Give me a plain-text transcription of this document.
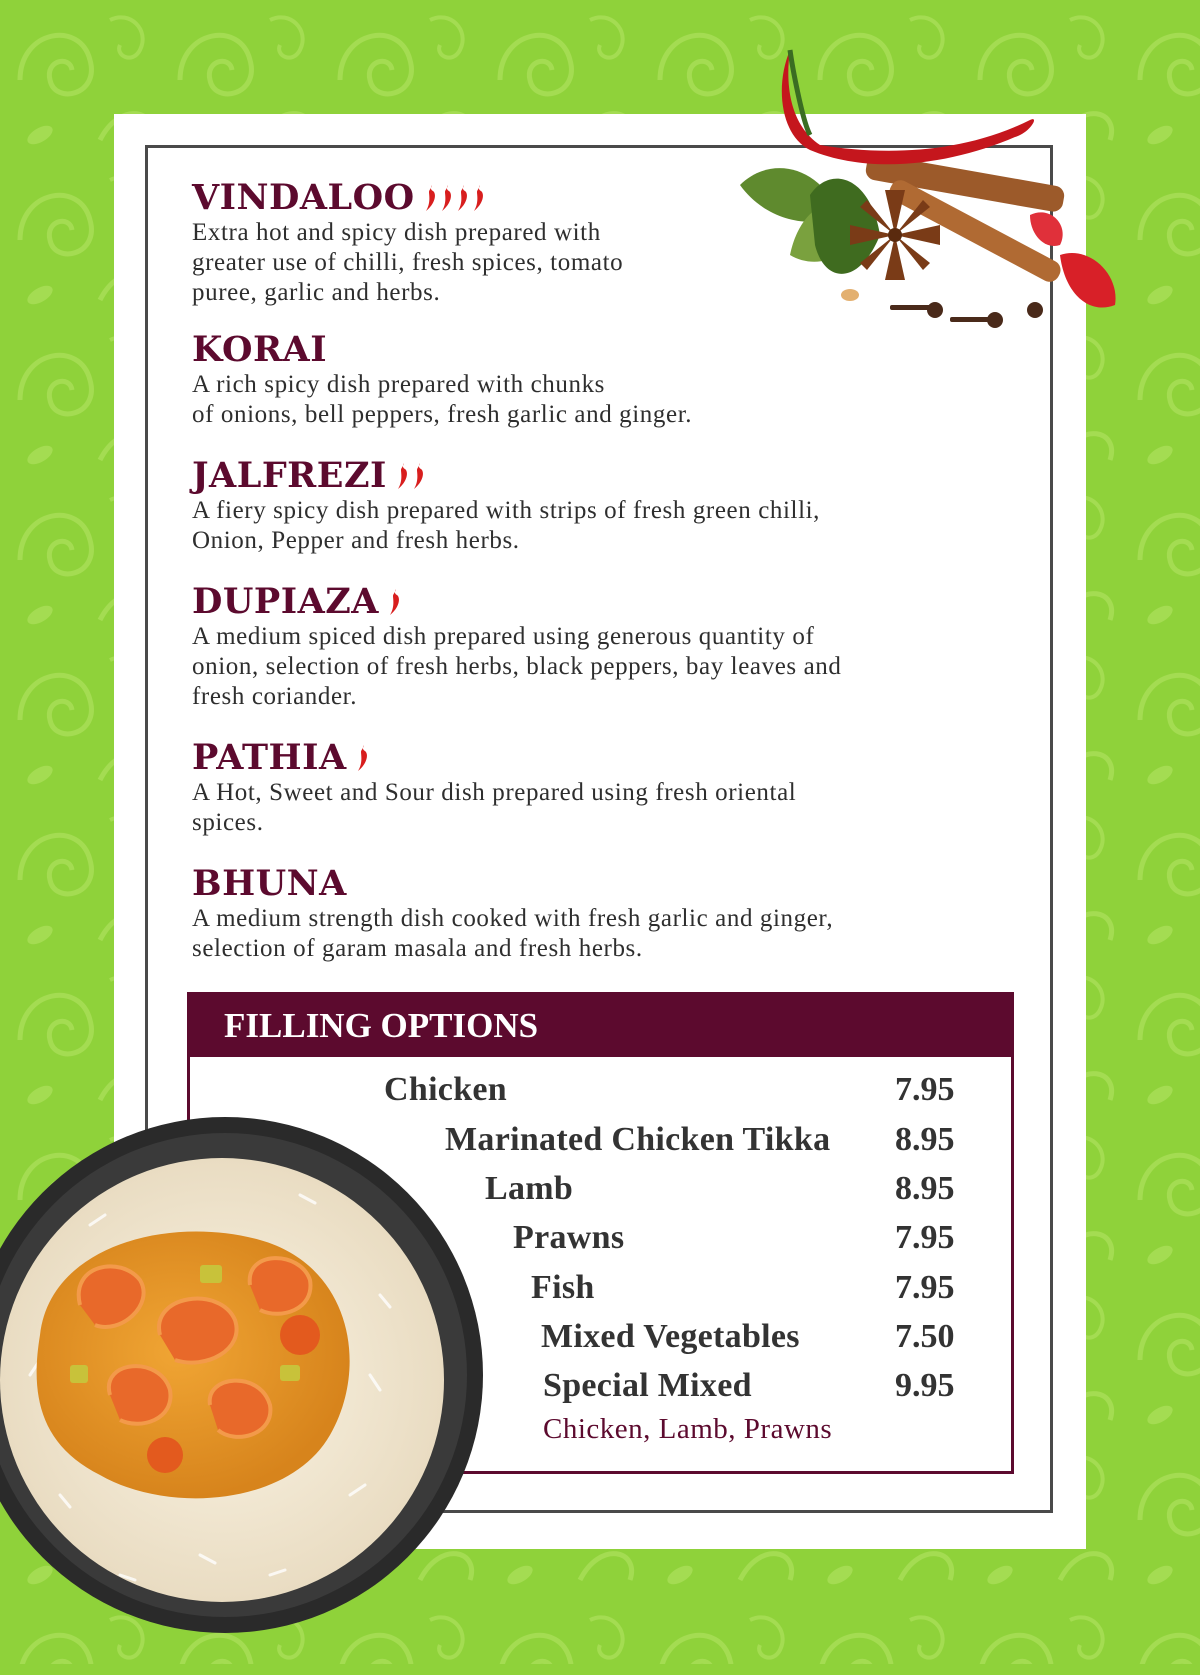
VINDALOO
Extra hot and spicy dish prepared with
greater use of chilli, fresh spices, tomato
puree, garlic and herbs.
KORAI
A rich spicy dish prepared with chunks
of onions, bell peppers, fresh garlic and ginger.
JALFREZI
A fiery spicy dish prepared with strips of fresh green chilli,
Onion, Pepper and fresh herbs.
DUPIAZA
A medium spiced dish prepared using generous quantity of
onion, selection of fresh herbs, black peppers, bay leaves and
fresh coriander.
PATHIA
A Hot, Sweet and Sour dish prepared using fresh oriental
spices.
BHUNA
A medium strength dish cooked with fresh garlic and ginger,
selection of garam masala and fresh herbs.
FILLING OPTIONS
Chicken	7.95
Marinated Chicken Tikka 8.95
Lamb	8.95
Prawns	7.95
Fish	7.95
Mixed Vegetables	7.50
Special Mixed	9.95
Chicken, Lamb, Prawns
